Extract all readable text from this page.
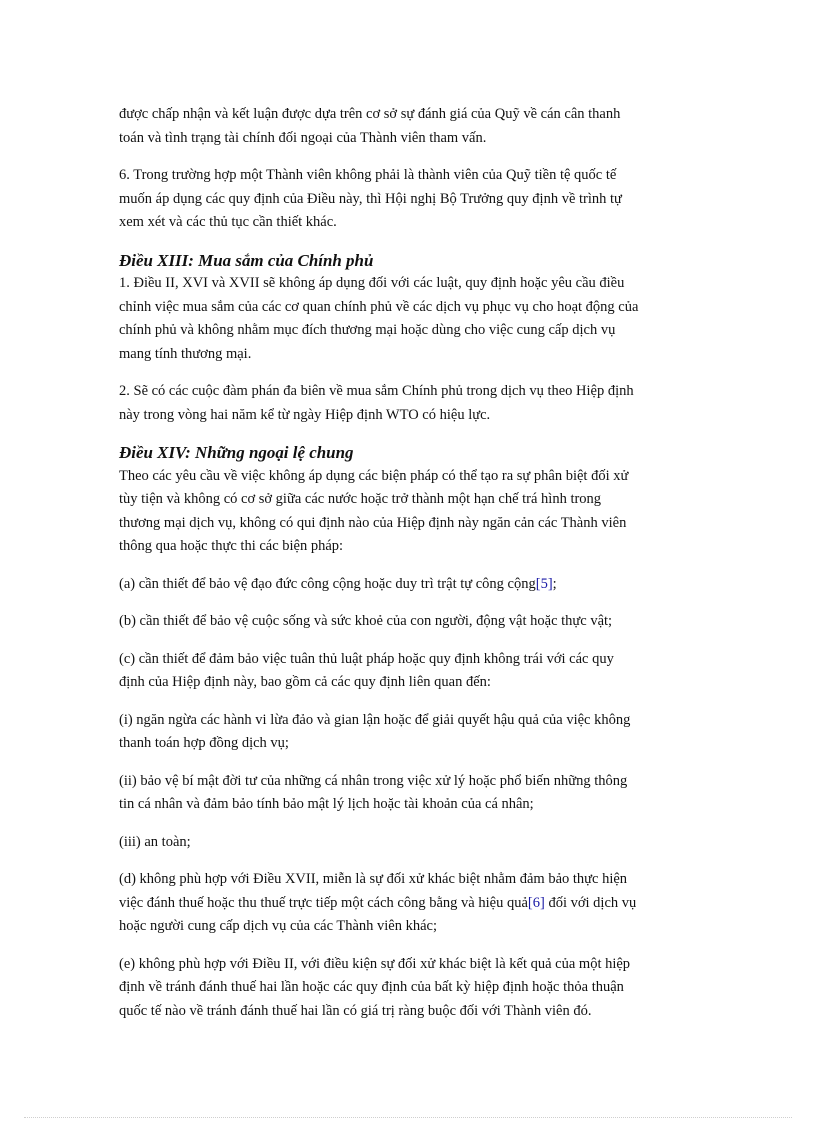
được chấp nhận và kết luận được dựa trên cơ sở sự đánh giá của Quỹ về cán cân thanh
toán và tình trạng tài chính đối ngoại của Thành viên tham vấn.

6. Trong trường hợp một Thành viên không phải là thành viên của Quỹ tiền tệ quốc tế
muốn áp dụng các quy định của Điều này, thì Hội nghị Bộ Trưởng quy định về trình tự
xem xét và các thủ tục cần thiết khác.

Điều XIII: Mua sắm của Chính phủ

1. Điều II, XVI và XVII sẽ không áp dụng đối với các luật, quy định hoặc yêu cầu điều
chỉnh việc mua sắm của các cơ quan chính phủ về các dịch vụ phục vụ cho hoạt động của
chính phủ và không nhằm mục đích thương mại hoặc dùng cho việc cung cấp dịch vụ
mang tính thương mại.

2. Sẽ có các cuộc đàm phán đa biên về mua sắm Chính phủ trong dịch vụ theo Hiệp định
này trong vòng hai năm kể từ ngày Hiệp định WTO có hiệu lực.

Điều XIV: Những ngoại lệ chung

Theo các yêu cầu về việc không áp dụng các biện pháp có thể tạo ra sự phân biệt đối xử
tùy tiện và không có cơ sở giữa các nước hoặc trở thành một hạn chế trá hình trong
thương mại dịch vụ, không có qui định nào của Hiệp định này ngăn cản các Thành viên
thông qua hoặc thực thi các biện pháp:

(a) cần thiết để bảo vệ đạo đức công cộng hoặc duy trì trật tự công cộng[5];

(b) cần thiết để bảo vệ cuộc sống và sức khoẻ của con người, động vật hoặc thực vật;

(c) cần thiết để đảm bảo việc tuân thủ luật pháp hoặc quy định không trái với các quy
định của Hiệp định này, bao gồm cả các quy định liên quan đến:

(i) ngăn ngừa các hành vi lừa đảo và gian lận hoặc để giải quyết hậu quả của việc không
thanh toán hợp đồng dịch vụ;

(ii) bảo vệ bí mật đời tư của những cá nhân trong việc xử lý hoặc phổ biến những thông
tin cá nhân và đảm bảo tính bảo mật lý lịch hoặc tài khoản của cá nhân;

(iii) an toàn;

(d) không phù hợp với Điều XVII, miễn là sự đối xử khác biệt nhằm đảm bảo thực hiện
việc đánh thuế hoặc thu thuế trực tiếp một cách công bằng và hiệu quả[6] đối với dịch vụ
hoặc người cung cấp dịch vụ của các Thành viên khác;

(e) không phù hợp với Điều II, với điều kiện sự đối xử khác biệt là kết quả của một hiệp
định về tránh đánh thuế hai lần hoặc các quy định của bất kỳ hiệp định hoặc thỏa thuận
quốc tế nào về tránh đánh thuế hai lần có giá trị ràng buộc đối với Thành viên đó.
